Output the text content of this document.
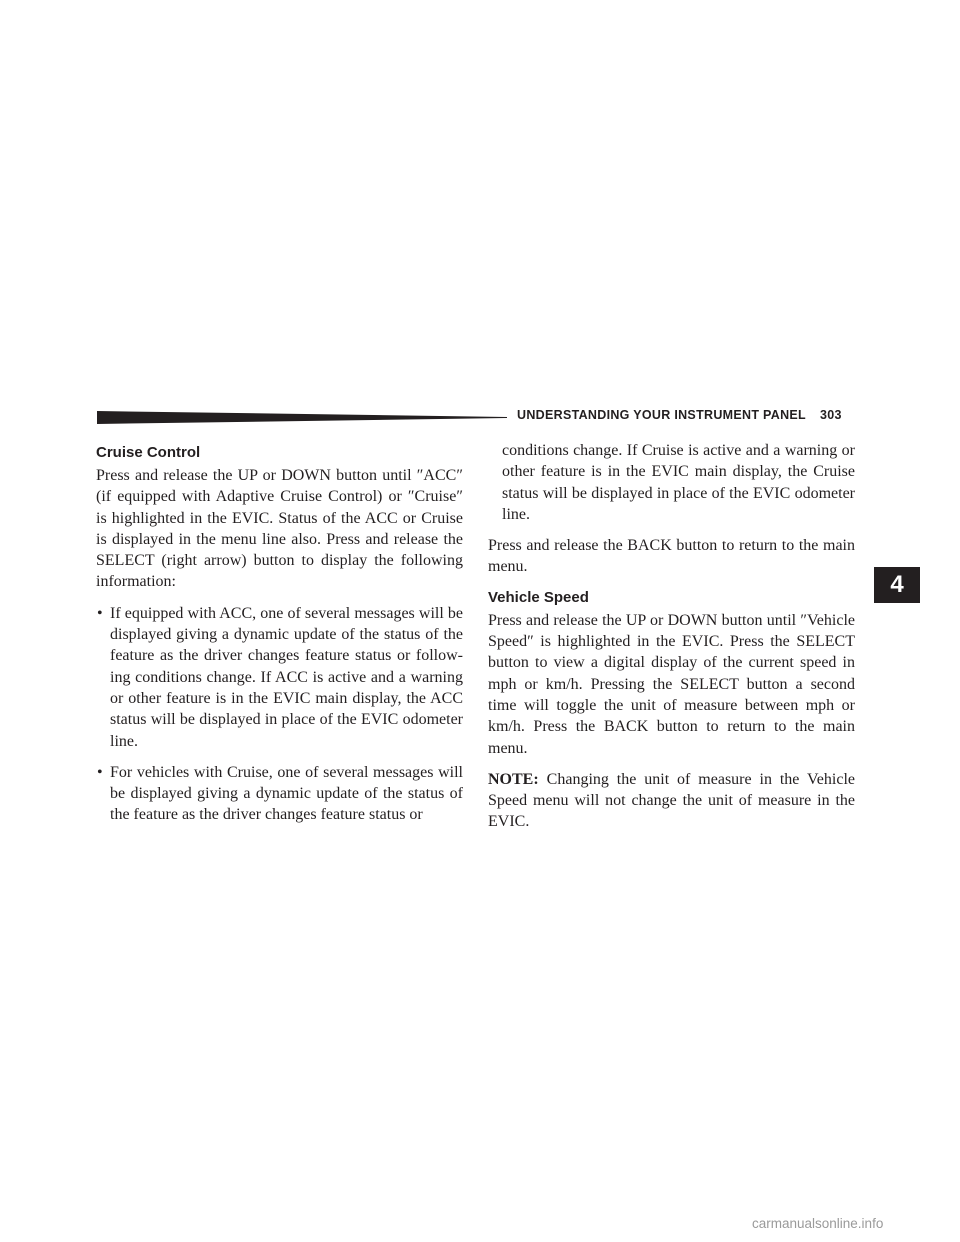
UNDERSTANDING YOUR INSTRUMENT PANEL 303
Cruise Control

Press and release the UP or DOWN button until ″ACC″ (if equipped with Adaptive Cruise Control) or ″Cruise″ is highlighted in the EVIC. Status of the ACC or Cruise is displayed in the menu line also. Press and release the SELECT (right arrow) button to display the following information:

• If equipped with ACC, one of several messages will be displayed giving a dynamic update of the status of the feature as the driver changes feature status or follow-ing conditions change. If ACC is active and a warning or other feature is in the EVIC main display, the ACC status will be displayed in place of the EVIC odometer line.
• For vehicles with Cruise, one of several messages will be displayed giving a dynamic update of the status of the feature as the driver changes feature status or
conditions change. If Cruise is active and a warning or other feature is in the EVIC main display, the Cruise status will be displayed in place of the EVIC odometer line.

Press and release the BACK button to return to the main menu.

Vehicle Speed

Press and release the UP or DOWN button until ″Vehicle Speed″ is highlighted in the EVIC. Press the SELECT button to view a digital display of the current speed in mph or km/h. Pressing the SELECT button a second time will toggle the unit of measure between mph or km/h. Press the BACK button to return to the main menu.

NOTE: Changing the unit of measure in the Vehicle Speed menu will not change the unit of measure in the EVIC.

4
carmanualsonline.info
